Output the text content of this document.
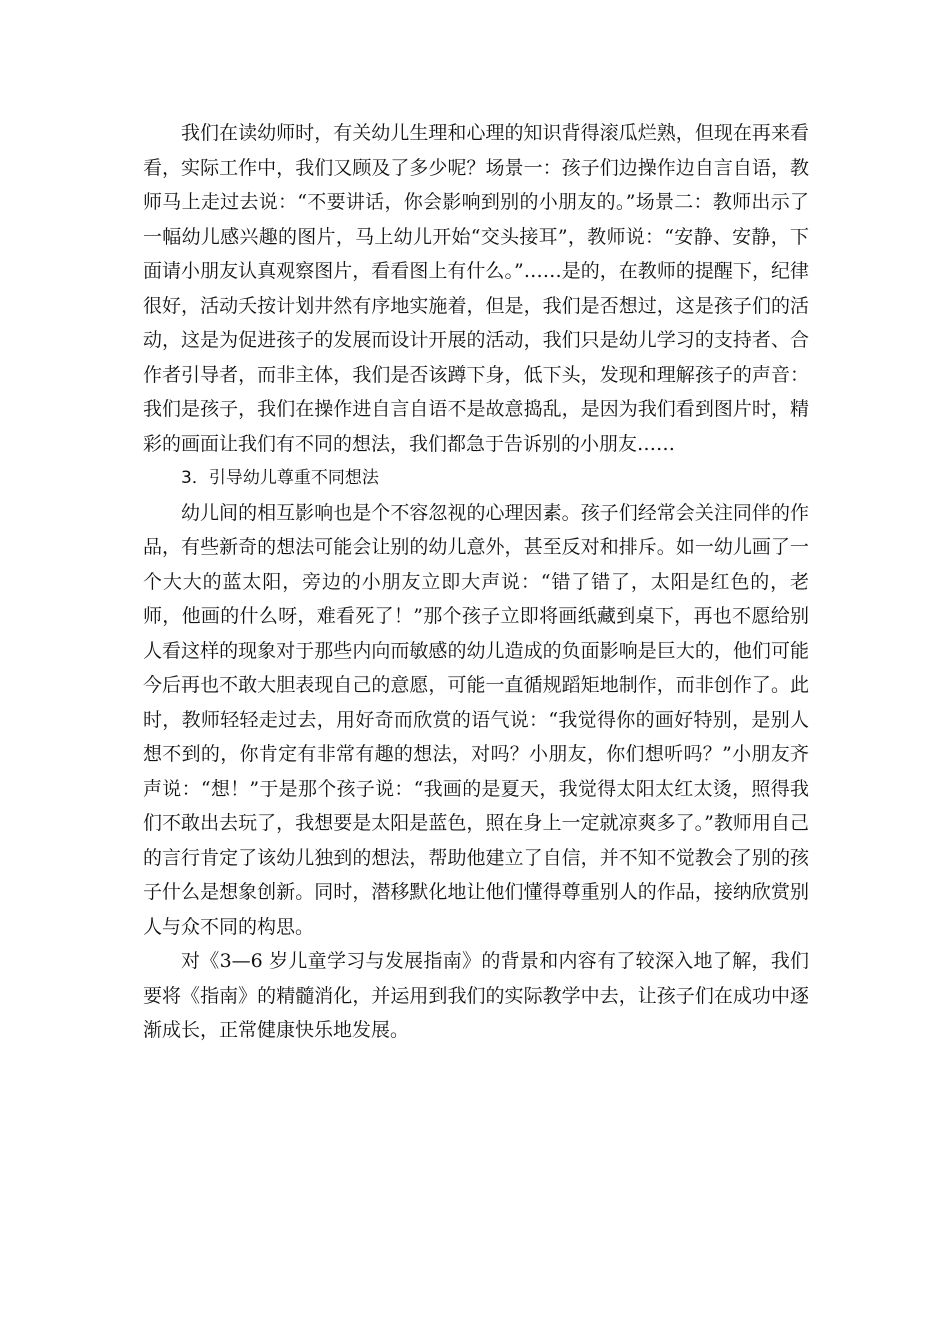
我们在读幼师时，有关幼儿生理和心理的知识背得滚瓜烂熟，但现在再来看看，实际工作中，我们又顾及了多少呢？场景一：孩子们边操作边自言自语，教师马上走过去说：“不要讲话，你会影响到别的小朋友的。”场景二：教师出示了一幅幼儿感兴趣的图片，马上幼儿开始“交头接耳”，教师说：“安静、安静，下面请小朋友认真观察图片，看看图上有什么。”……是的，在教师的提醒下，纪律很好，活动夭按计划井然有序地实施着，但是，我们是否想过，这是孩子们的活动，这是为促进孩子的发展而设计开展的活动，我们只是幼儿学习的支持者、合作者引导者，而非主体，我们是否该蹲下身，低下头，发现和理解孩子的声音：我们是孩子，我们在操作进自言自语不是故意捣乱，是因为我们看到图片时，精彩的画面让我们有不同的想法，我们都急于告诉别的小朋友……

3．引导幼儿尊重不同想法

幼儿间的相互影响也是个不容忽视的心理因素。孩子们经常会关注同伴的作品，有些新奇的想法可能会让别的幼儿意外，甚至反对和排斥。如一幼儿画了一个大大的蓝太阳，旁边的小朋友立即大声说：“错了错了，太阳是红色的，老师，他画的什么呀，难看死了！”那个孩子立即将画纸藏到桌下，再也不愿给别人看这样的现象对于那些内向而敏感的幼儿造成的负面影响是巨大的，他们可能今后再也不敢大胆表现自己的意愿，可能一直循规蹈矩地制作，而非创作了。此时，教师轻轻走过去，用好奇而欣赏的语气说：“我觉得你的画好特别，是别人想不到的，你肯定有非常有趣的想法，对吗？小朋友，你们想听吗？”小朋友齐声说：“想！”于是那个孩子说：“我画的是夏天，我觉得太阳太红太烫，照得我们不敢出去玩了，我想要是太阳是蓝色，照在身上一定就凉爽多了。”教师用自己的言行肯定了该幼儿独到的想法，帮助他建立了自信，并不知不觉教会了别的孩子什么是想象创新。同时，潜移默化地让他们懂得尊重别人的作品，接纳欣赏别人与众不同的构思。

对《3—6 岁儿童学习与发展指南》的背景和内容有了较深入地了解，我们要将《指南》的精髓消化，并运用到我们的实际教学中去，让孩子们在成功中逐渐成长，正常健康快乐地发展。
